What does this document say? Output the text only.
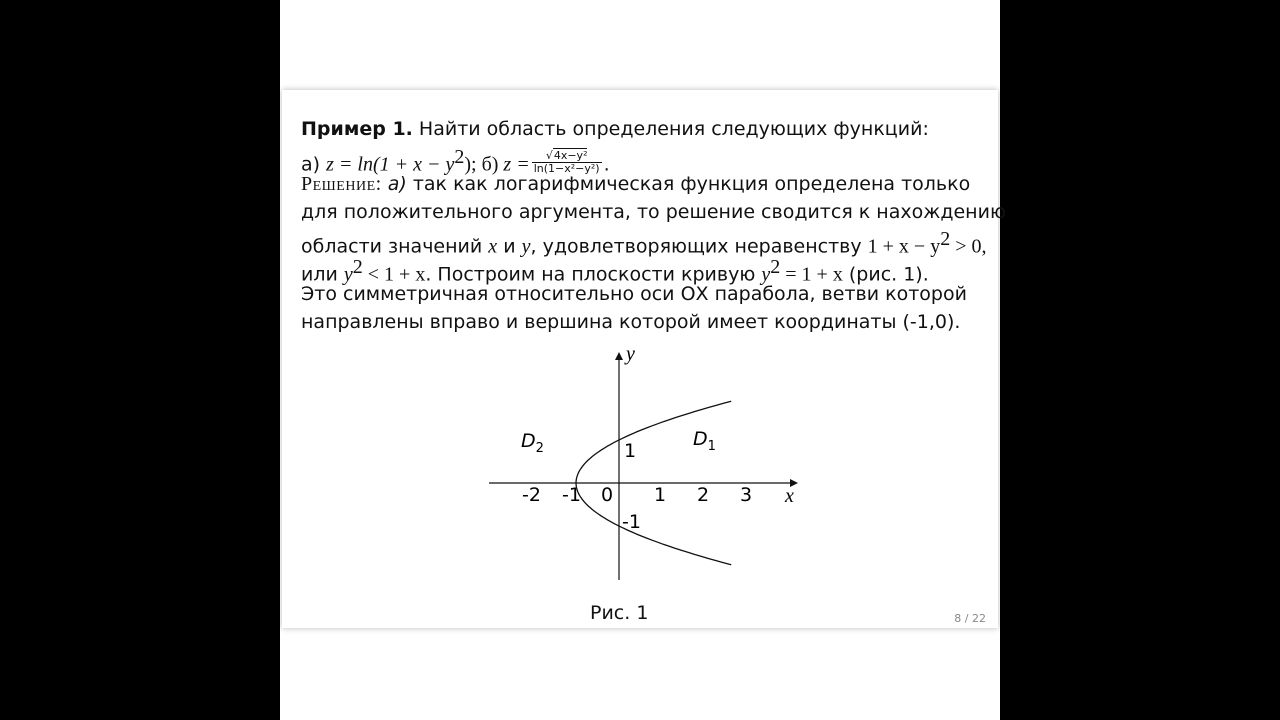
Пример 1. Найти область определения следующих функций:
а) $z = \ln(1 + x - y^2)$; б) $z = \frac{\text{√4x−y²}}{\text{ln(1−x²−y²)}}$ .
Решение: а) так как логарифмическая функция определена только
для положительного аргумента, то решение сводится к нахождению
области значений x и y, удовлетворяющих неравенству $1 + x - y^2 > 0$,
или $y^2 < 1 + x$. Построим на плоскости кривую $y^2 = 1 + x$ (рис. 1).
Это симметричная относительно оси ОХ парабола, ветви которой
направлены вправо и вершина которой имеет координаты (-1,0).
x
y
-2 -1 0 1 2 3
1
-1
$D_2$	$D_1$
Рис. 1	8 / 22
